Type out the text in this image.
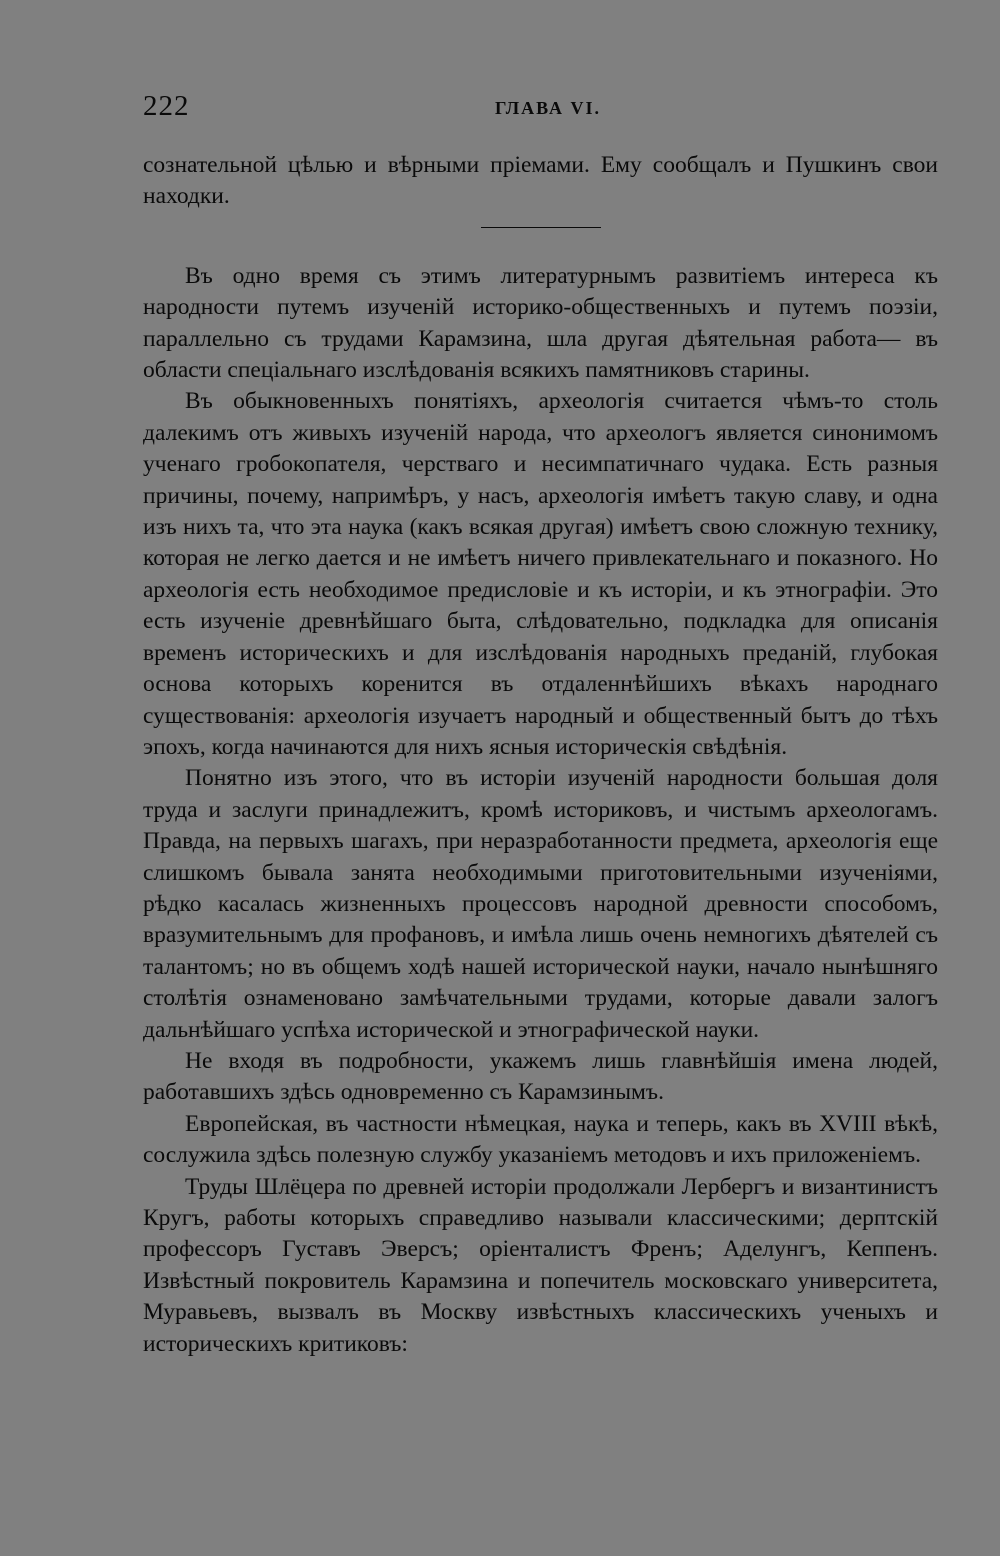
222	ГЛАВА VI.

сознательной цѣлью и вѣрными пріемами. Ему сообщалъ и Пушкинъ свои находки.

Въ одно время съ этимъ литературнымъ развитіемъ интереса къ народности путемъ изученій историко-общественныхъ и путемъ поэзіи, параллельно съ трудами Карамзина, шла другая дѣятельная работа— въ области спеціальнаго изслѣдованія всякихъ памятниковъ старины.

Въ обыкновенныхъ понятіяхъ, археологія считается чѣмъ-то столь далекимъ отъ живыхъ изученій народа, что археологъ является синонимомъ ученаго гробокопателя, черстваго и несимпатичнаго чудака. Есть разныя причины, почему, напримѣръ, у насъ, археологія имѣетъ такую славу, и одна изъ нихъ та, что эта наука (какъ всякая другая) имѣетъ свою сложную технику, которая не легко дается и не имѣетъ ничего привлекательнаго и показного. Но археологія есть необходимое предисловіе и къ исторіи, и къ этнографіи. Это есть изученіе древнѣйшаго быта, слѣдовательно, подкладка для описанія временъ историческихъ и для изслѣдованія народныхъ преданій, глубокая основа которыхъ коренится въ отдаленнѣйшихъ вѣкахъ народнаго существованія: археологія изучаетъ народный и общественный бытъ до тѣхъ эпохъ, когда начинаются для нихъ ясныя историческія свѣдѣнія.

Понятно изъ этого, что въ исторіи изученій народности большая доля труда и заслуги принадлежитъ, кромѣ историковъ, и чистымъ археологамъ. Правда, на первыхъ шагахъ, при неразработанности предмета, археологія еще слишкомъ бывала занята необходимыми приготовительными изученіями, рѣдко касалась жизненныхъ процессовъ народной древности способомъ, вразумительнымъ для профановъ, и имѣла лишь очень немногихъ дѣятелей съ талантомъ; но въ общемъ ходѣ нашей исторической науки, начало нынѣшняго столѣтія ознаменовано замѣчательными трудами, которые давали залогъ дальнѣйшаго успѣха исторической и этнографической науки.

Не входя въ подробности, укажемъ лишь главнѣйшія имена людей, работавшихъ здѣсь одновременно съ Карамзинымъ.

Европейская, въ частности нѣмецкая, наука и теперь, какъ въ XVIII вѣкѣ, сослужила здѣсь полезную службу указаніемъ методовъ и ихъ приложеніемъ.

Труды Шлёцера по древней исторіи продолжали Лербергъ и византинистъ Кругъ, работы которыхъ справедливо называли классическими; дерптскій профессоръ Густавъ Эверсъ; оріенталистъ Френъ; Аделунгъ, Кеппенъ. Извѣстный покровитель Карамзина и попечитель московскаго университета, Муравьевъ, вызвалъ въ Москву извѣстныхъ классическихъ ученыхъ и историческихъ критиковъ:
